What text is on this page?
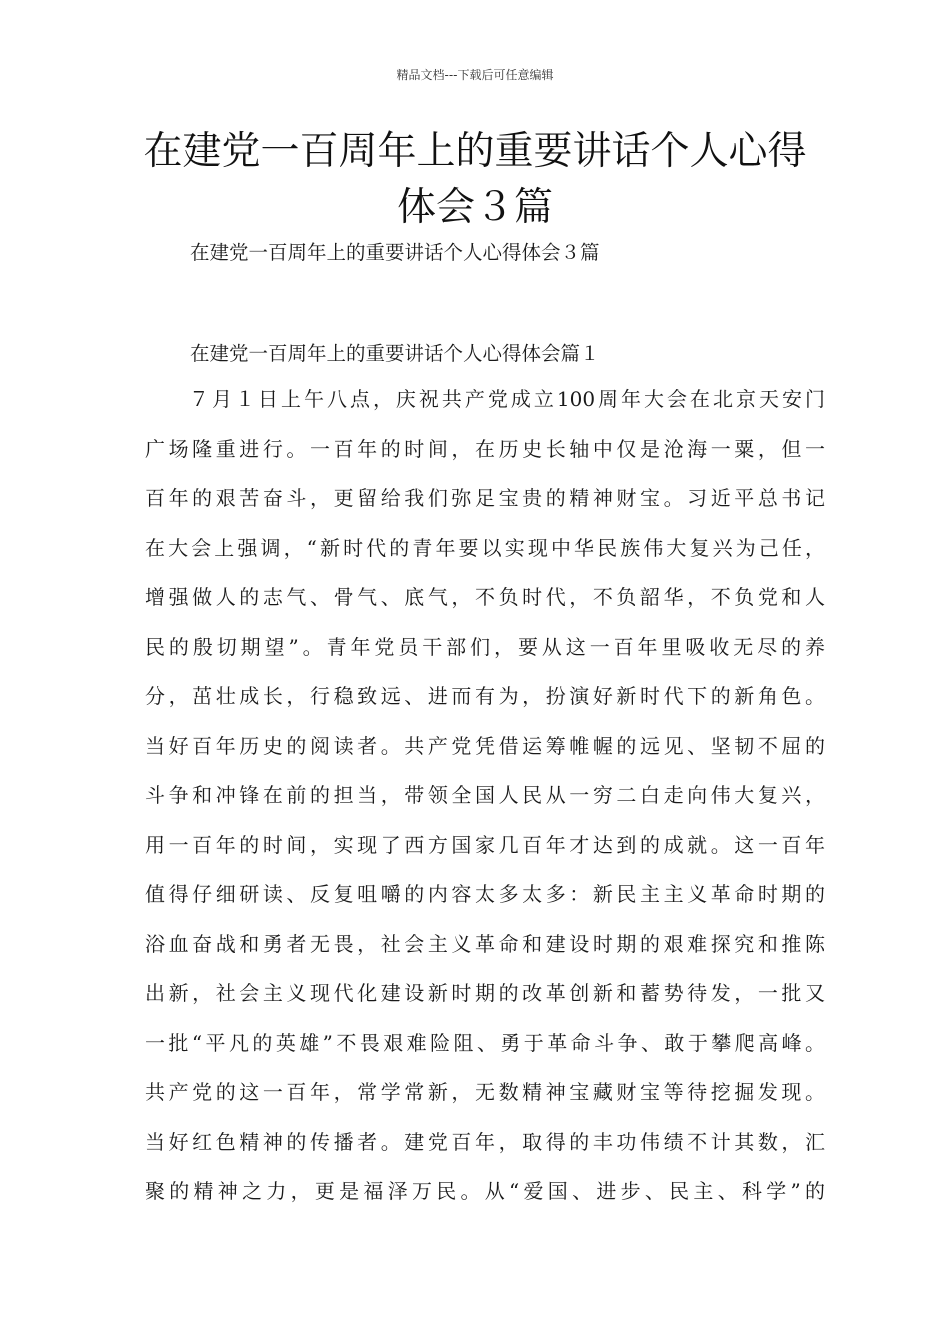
精品文档---下载后可任意编辑
在建党一百周年上的重要讲话个人心得
体会３篇
在建党一百周年上的重要讲话个人心得体会３篇
在建党一百周年上的重要讲话个人心得体会篇１
７月１日上午八点，庆祝共产党成立100周年大会在北京天安门
广场隆重进行。一百年的时间，在历史长轴中仅是沧海一粟，但一
百年的艰苦奋斗，更留给我们弥足宝贵的精神财宝。习近平总书记
在大会上强调，“新时代的青年要以实现中华民族伟大复兴为己任，
增强做人的志气、骨气、底气，不负时代，不负韶华，不负党和人
民的殷切期望”。青年党员干部们，要从这一百年里吸收无尽的养
分，茁壮成长，行稳致远、进而有为，扮演好新时代下的新角色。
当好百年历史的阅读者。共产党凭借运筹帷幄的远见、坚韧不屈的
斗争和冲锋在前的担当，带领全国人民从一穷二白走向伟大复兴，
用一百年的时间，实现了西方国家几百年才达到的成就。这一百年
值得仔细研读、反复咀嚼的内容太多太多：新民主主义革命时期的
浴血奋战和勇者无畏，社会主义革命和建设时期的艰难探究和推陈
出新，社会主义现代化建设新时期的改革创新和蓄势待发，一批又
一批“平凡的英雄”不畏艰难险阻、勇于革命斗争、敢于攀爬高峰。
共产党的这一百年，常学常新，无数精神宝藏财宝等待挖掘发现。
当好红色精神的传播者。建党百年，取得的丰功伟绩不计其数，汇
聚的精神之力，更是福泽万民。从“爱国、进步、民主、科学”的
